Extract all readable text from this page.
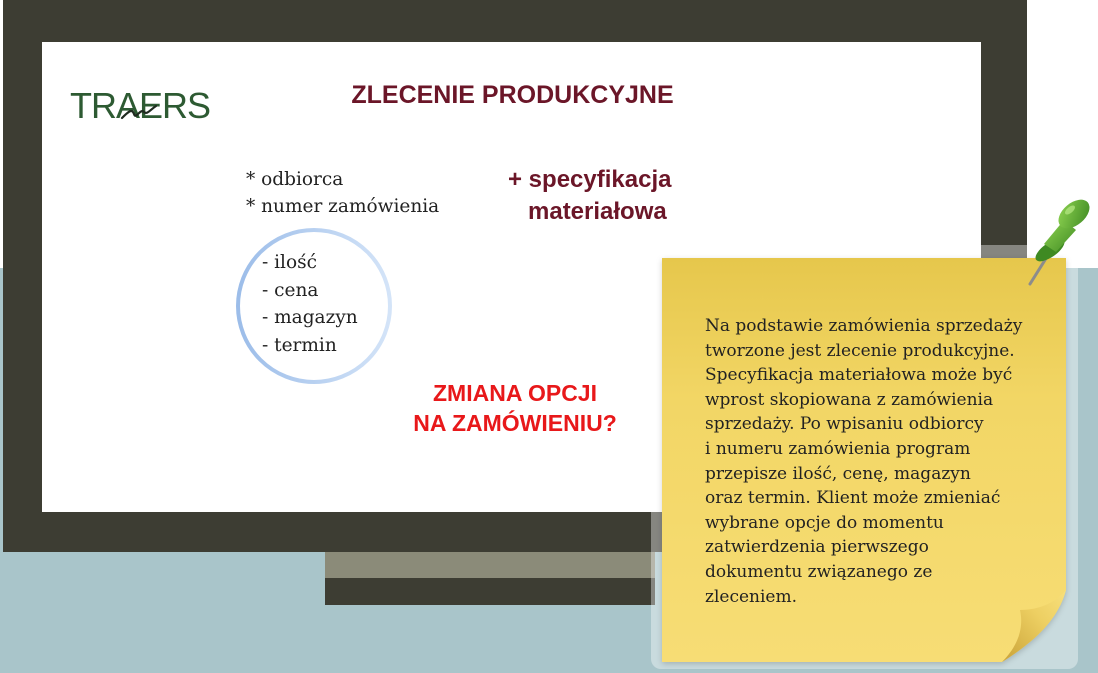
TRAERS	ZLECENIE PRODUKCYJNE
* odbiorca
* numer zamówienia
+ specyfikacja
materiałowa
- ilość
- cena
- magazyn
- termin
ZMIANA OPCJI
NA ZAMÓWIENIU?
Na podstawie zamówienia sprzedaży
tworzone jest zlecenie produkcyjne.
Specyfikacja materiałowa może być
wprost skopiowana z zamówienia
sprzedaży. Po wpisaniu odbiorcy
i numeru zamówienia program
przepisze ilość, cenę, magazyn
oraz termin. Klient może zmieniać
wybrane opcje do momentu
zatwierdzenia pierwszego
dokumentu związanego ze
zleceniem.
